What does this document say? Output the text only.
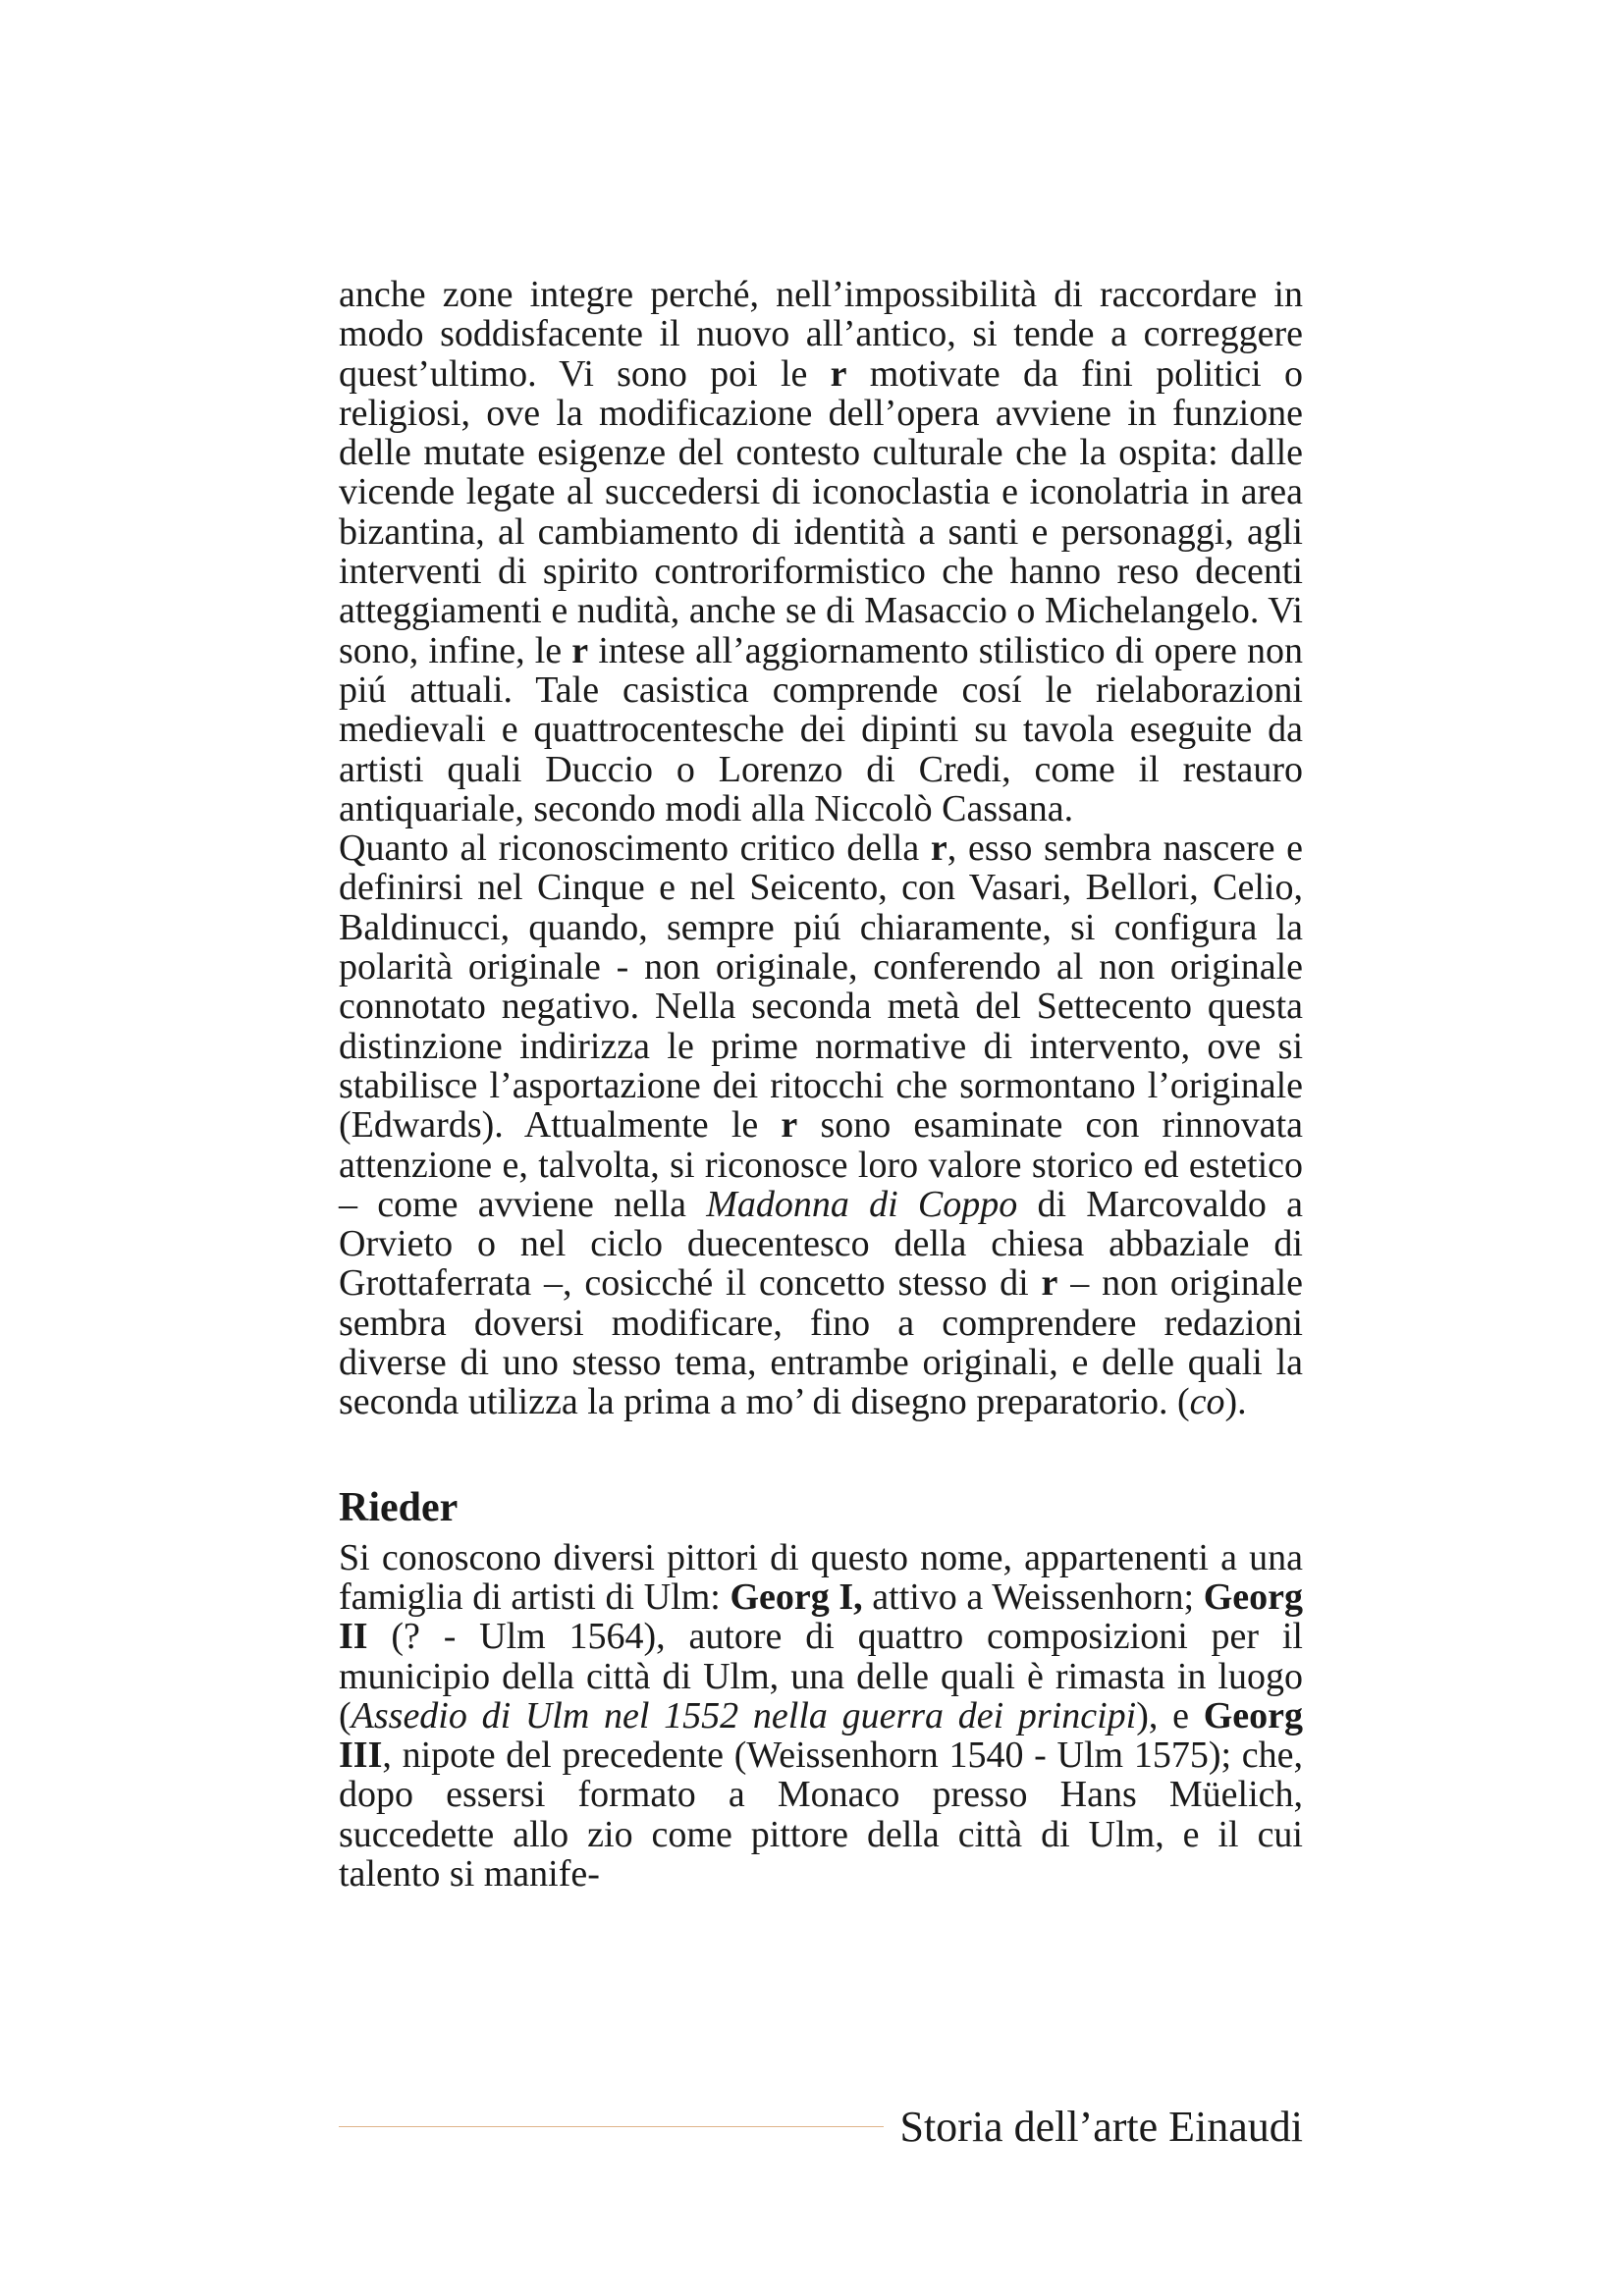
anche zone integre perché, nell’impossibilità di raccordare in modo soddisfacente il nuovo all’antico, si tende a correggere quest’ultimo. Vi sono poi le r motivate da fini politici o religiosi, ove la modificazione dell’opera avviene in funzione delle mutate esigenze del contesto culturale che la ospita: dalle vicende legate al succedersi di iconoclastia e iconolatria in area bizantina, al cambiamento di identità a santi e personaggi, agli interventi di spirito controriformistico che hanno reso decenti atteggiamenti e nudità, anche se di Masaccio o Michelangelo. Vi sono, infine, le r intese all’aggiornamento stilistico di opere non piú attuali. Tale casistica comprende cosí le rielaborazioni medievali e quattrocentesche dei dipinti su tavola eseguite da artisti quali Duccio o Lorenzo di Credi, come il restauro antiquariale, secondo modi alla Niccolò Cassana.

Quanto al riconoscimento critico della r, esso sembra nascere e definirsi nel Cinque e nel Seicento, con Vasari, Bellori, Celio, Baldinucci, quando, sempre piú chiaramente, si configura la polarità originale - non originale, conferendo al non originale connotato negativo. Nella seconda metà del Settecento questa distinzione indirizza le prime normative di intervento, ove si stabilisce l’asportazione dei ritocchi che sormontano l’originale (Edwards). Attualmente le r sono esaminate con rinnovata attenzione e, talvolta, si riconosce loro valore storico ed estetico – come avviene nella Madonna di Coppo di Marcovaldo a Orvieto o nel ciclo duecentesco della chiesa abbaziale di Grottaferrata –, cosicché il concetto stesso di r – non originale sembra doversi modificare, fino a comprendere redazioni diverse di uno stesso tema, entrambe originali, e delle quali la seconda utilizza la prima a mo’ di disegno preparatorio. (co).

Rieder

Si conoscono diversi pittori di questo nome, appartenenti a una famiglia di artisti di Ulm: Georg I, attivo a Weissenhorn; Georg II (? - Ulm 1564), autore di quattro composizioni per il municipio della città di Ulm, una delle quali è rimasta in luogo (Assedio di Ulm nel 1552 nella guerra dei principi), e Georg III, nipote del precedente (Weissenhorn 1540 - Ulm 1575); che, dopo essersi formato a Monaco presso Hans Müelich, succedette allo zio come pittore della città di Ulm, e il cui talento si manife-

Storia dell’arte Einaudi
